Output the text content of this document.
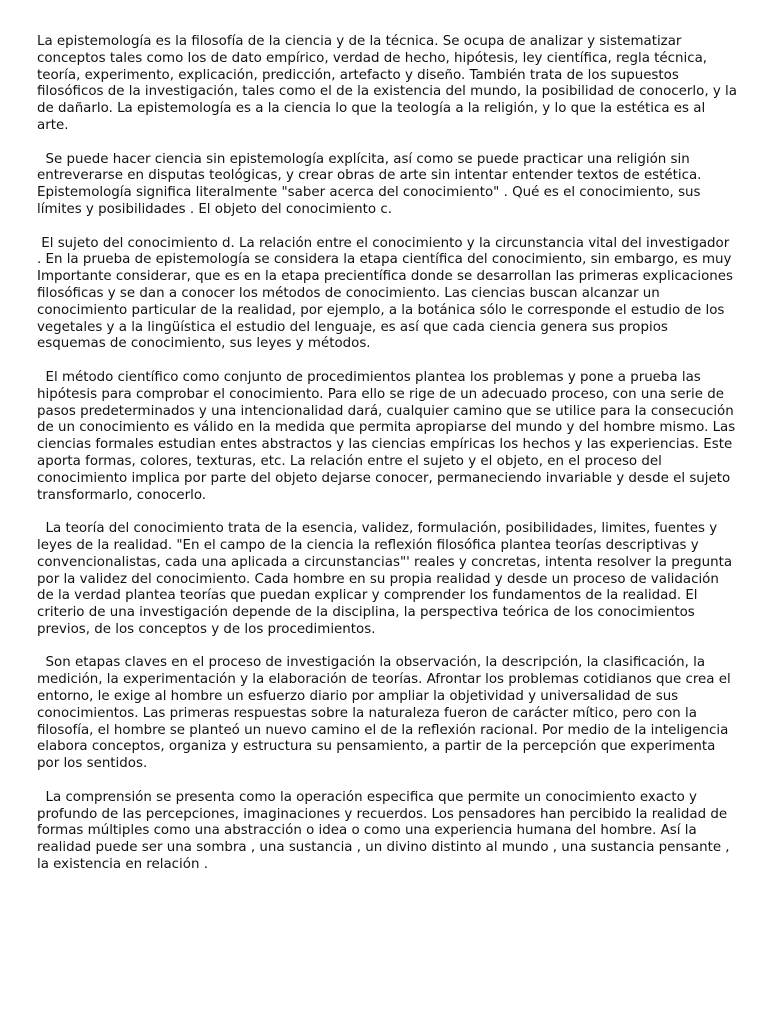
La epistemología es la filosofía de la ciencia y de la técnica. Se ocupa de analizar y sistematizar conceptos tales como los de dato empírico, verdad de hecho, hipótesis, ley científica, regla técnica, teoría, experimento, explicación, predicción, artefacto y diseño. También trata de los supuestos filosóficos de la investigación, tales como el de la existencia del mundo, la posibilidad de conocerlo, y la de dañarlo. La epistemología es a la ciencia lo que la teología a la religión, y lo que la estética es al arte.

Se puede hacer ciencia sin epistemología explícita, así como se puede practicar una religión sin entreverarse en disputas teológicas, y crear obras de arte sin intentar entender textos de estética. Epistemología significa literalmente "saber acerca del conocimiento" . Qué es el conocimiento, sus límites y posibilidades . El objeto del conocimiento c.

El sujeto del conocimiento d. La relación entre el conocimiento y la circunstancia vital del investigador . En la prueba de epistemología se considera la etapa científica del conocimiento, sin embargo, es muy Importante considerar, que es en la etapa precientífica donde se desarrollan las primeras explicaciones filosóficas y se dan a conocer los métodos de conocimiento. Las ciencias buscan alcanzar un conocimiento particular de la realidad, por ejemplo, a la botánica sólo le corresponde el estudio de los vegetales y a la lingüística el estudio del lenguaje, es así que cada ciencia genera sus propios esquemas de conocimiento, sus leyes y métodos.

El método científico como conjunto de procedimientos plantea los problemas y pone a prueba las hipótesis para comprobar el conocimiento. Para ello se rige de un adecuado proceso, con una serie de pasos predeterminados y una intencionalidad dará, cualquier camino que se utilice para la consecución de un conocimiento es válido en la medida que permita apropiarse del mundo y del hombre mismo. Las ciencias formales estudian entes abstractos y las ciencias empíricas los hechos y las experiencias. Este aporta formas, colores, texturas, etc. La relación entre el sujeto y el objeto, en el proceso del conocimiento implica por parte del objeto dejarse conocer, permaneciendo invariable y desde el sujeto transformarlo, conocerlo.

La teoría del conocimiento trata de la esencia, validez, formulación, posibilidades, limites, fuentes y leyes de la realidad. "En el campo de la ciencia la reflexión filosófica plantea teorías descriptivas y convencionalistas, cada una aplicada a circunstancias"' reales y concretas, intenta resolver la pregunta por la validez del conocimiento. Cada hombre en su propia realidad y desde un proceso de validación de la verdad plantea teorías que puedan explicar y comprender los fundamentos de la realidad. El criterio de una investigación depende de la disciplina, la perspectiva teórica de los conocimientos previos, de los conceptos y de los procedimientos.

Son etapas claves en el proceso de investigación la observación, la descripción, la clasificación, la medición, la experimentación y la elaboración de teorías. Afrontar los problemas cotidianos que crea el entorno, le exige al hombre un esfuerzo diario por ampliar la objetividad y universalidad de sus conocimientos. Las primeras respuestas sobre la naturaleza fueron de carácter mítico, pero con la filosofía, el hombre se planteó un nuevo camino el de la reflexión racional. Por medio de la inteligencia elabora conceptos, organiza y estructura su pensamiento, a partir de la percepción que experimenta por los sentidos.

La comprensión se presenta como la operación especifica que permite un conocimiento exacto y profundo de las percepciones, imaginaciones y recuerdos. Los pensadores han percibido la realidad de formas múltiples como una abstracción o idea o como una experiencia humana del hombre. Así la realidad puede ser una sombra , una sustancia , un divino distinto al mundo , una sustancia pensante , la existencia en relación .
